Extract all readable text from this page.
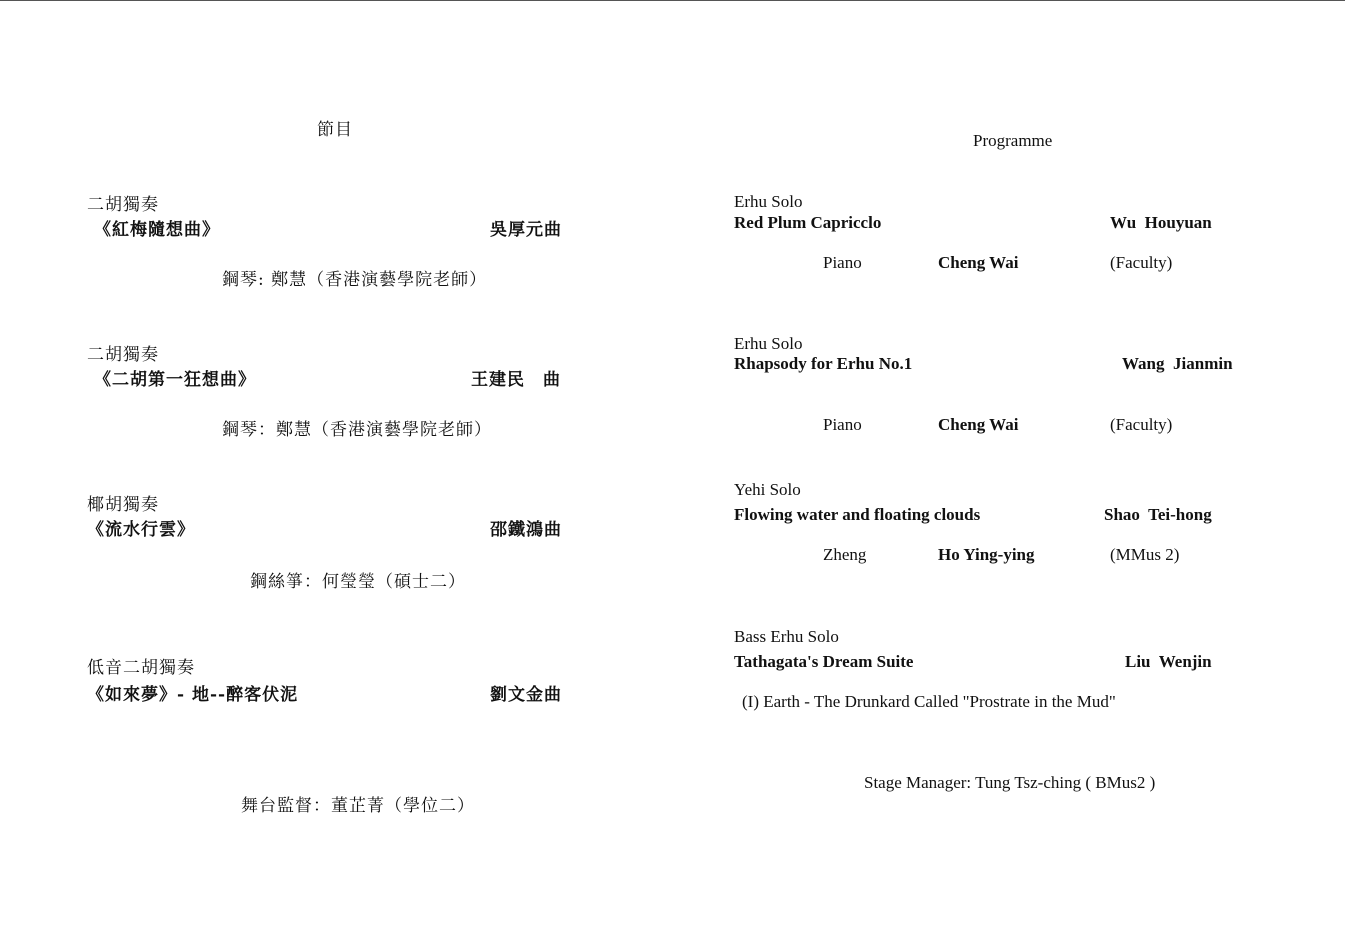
節目
二胡獨奏
《紅梅隨想曲》	吳厚元曲
鋼琴: 鄭慧（香港演藝學院老師）
二胡獨奏
《二胡第一狂想曲》	王建民　曲
鋼琴：鄭慧（香港演藝學院老師）
椰胡獨奏
《流水行雲》	邵鐵鴻曲
鋼絲箏：何瑩瑩（碩士二）
低音二胡獨奏
《如來夢》- 地--醉客伏泥	劉文金曲
舞台監督：董芷菁（學位二）
Programme
Erhu Solo
Red Plum Capricclo	Wu  Houyuan
Piano	Cheng Wai	(Faculty)
Erhu Solo
Rhapsody for Erhu No.1	Wang  Jianmin
Piano	Cheng Wai	(Faculty)
Yehi Solo
Flowing water and floating clouds	Shao  Tei-hong
Zheng	Ho Ying-ying	(MMus 2)
Bass Erhu Solo
Tathagata's Dream Suite	Liu  Wenjin
(I) Earth - The Drunkard Called "Prostrate in the Mud"
Stage Manager: Tung Tsz-ching ( BMus2 )
